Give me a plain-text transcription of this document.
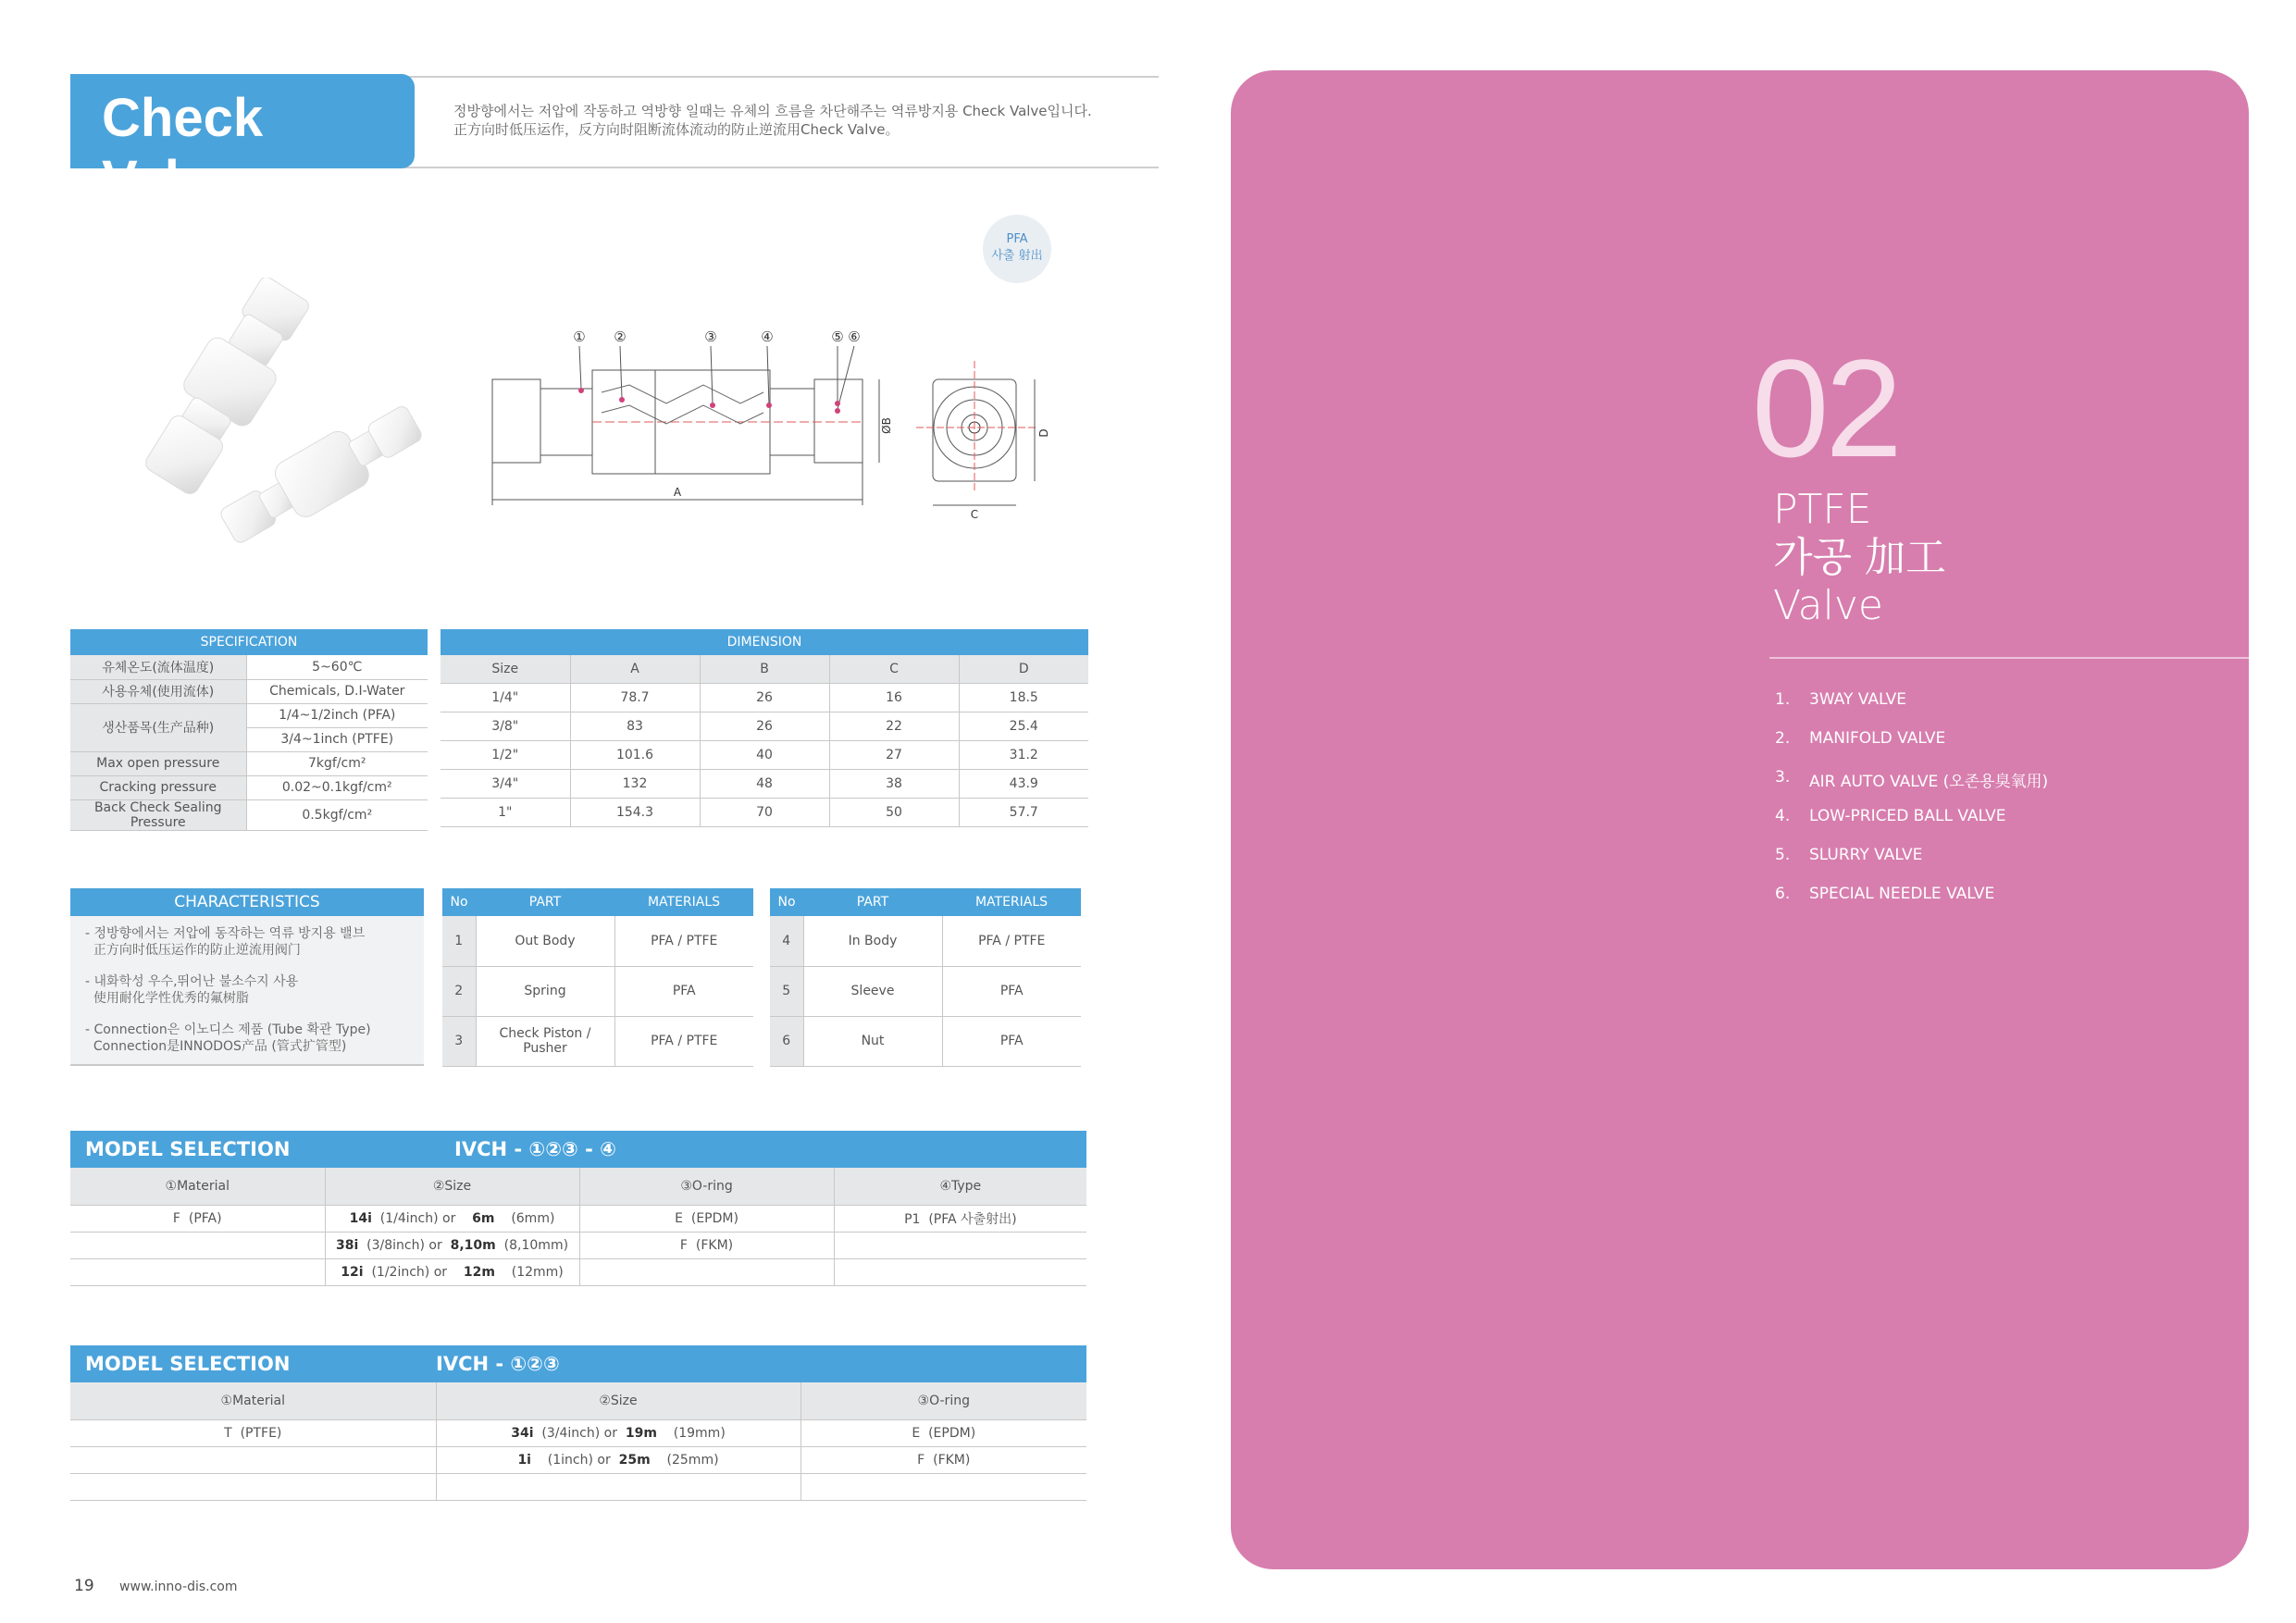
Check Valve
정방향에서는 저압에 작동하고 역방향 일때는 유체의 흐름을 차단해주는 역류방지용 Check Valve입니다.
正方向时低压运作，反方向时阻断流体流动的防止逆流用Check Valve。
PFA
사출 射出
① ②	③	④	⑤ ⑥
A
ØB
C
D
SPECIFICATION	
유체온도(流体温度)	5~60℃
사용유체(使用流体)	Chemicals, D.I-Water
생산품목(生产品种)	1/4~1/2inch (PFA)
	3/4~1inch (PTFE)
Max open pressure	7kgf/cm²
Cracking pressure	0.02~0.1kgf/cm²
Back Check Sealing Pressure	0.5kgf/cm²
DIMENSION				
Size	A	B	C	D
1/4"	78.7	26	16	18.5
3/8"	83	26	22	25.4
1/2"	101.6	40	27	31.2
3/4"	132	48	38	43.9
1"	154.3	70	50	57.7
CHARACTERISTICS

- 정방향에서는 저압에 동작하는 역류 방지용 밸브
正方向时低压运作的防止逆流用阀门

- 내화학성 우수,뛰어난 불소수지 사용
使用耐化学性优秀的氟树脂

- Connection은 이노디스 제품 (Tube 확관 Type)
Connection是INNODOS产品 (管式扩管型)

No	PART	MATERIALS
1	Out Body	PFA / PTFE
2	Spring	PFA
3	Check Piston / Pusher	PFA / PTFE
No	PART	MATERIALS
4	In Body	PFA / PTFE
5	Sleeve	PFA
6	Nut	PFA
MODEL SELECTION		IVCH - ①②③ - ④		
①Material	②Size		③O-ring	④Type
F (PFA)	14i (1/4inch) or 6m (6mm)		E (EPDM)	P1 (PFA 사출射出)
	38i (3/8inch) or 8,10m (8,10mm)		F (FKM)	
	12i (1/2inch) or 12m (12mm)			
MODEL SELECTION	IVCH - ①②③	
①Material	②Size	③O-ring
T (PTFE)	34i (3/4inch) or 19m (19mm)	E (EPDM)
	1i (1inch) or 25m (25mm)	F (FKM)

19 www.inno-dis.com
02
PTFE
가공 加工
Valve
1.	3WAY VALVE
2.	MANIFOLD VALVE
3.	AIR AUTO VALVE (오존용臭氧用)
4.	LOW-PRICED BALL VALVE
5.	SLURRY VALVE
6.	SPECIAL NEEDLE VALVE
